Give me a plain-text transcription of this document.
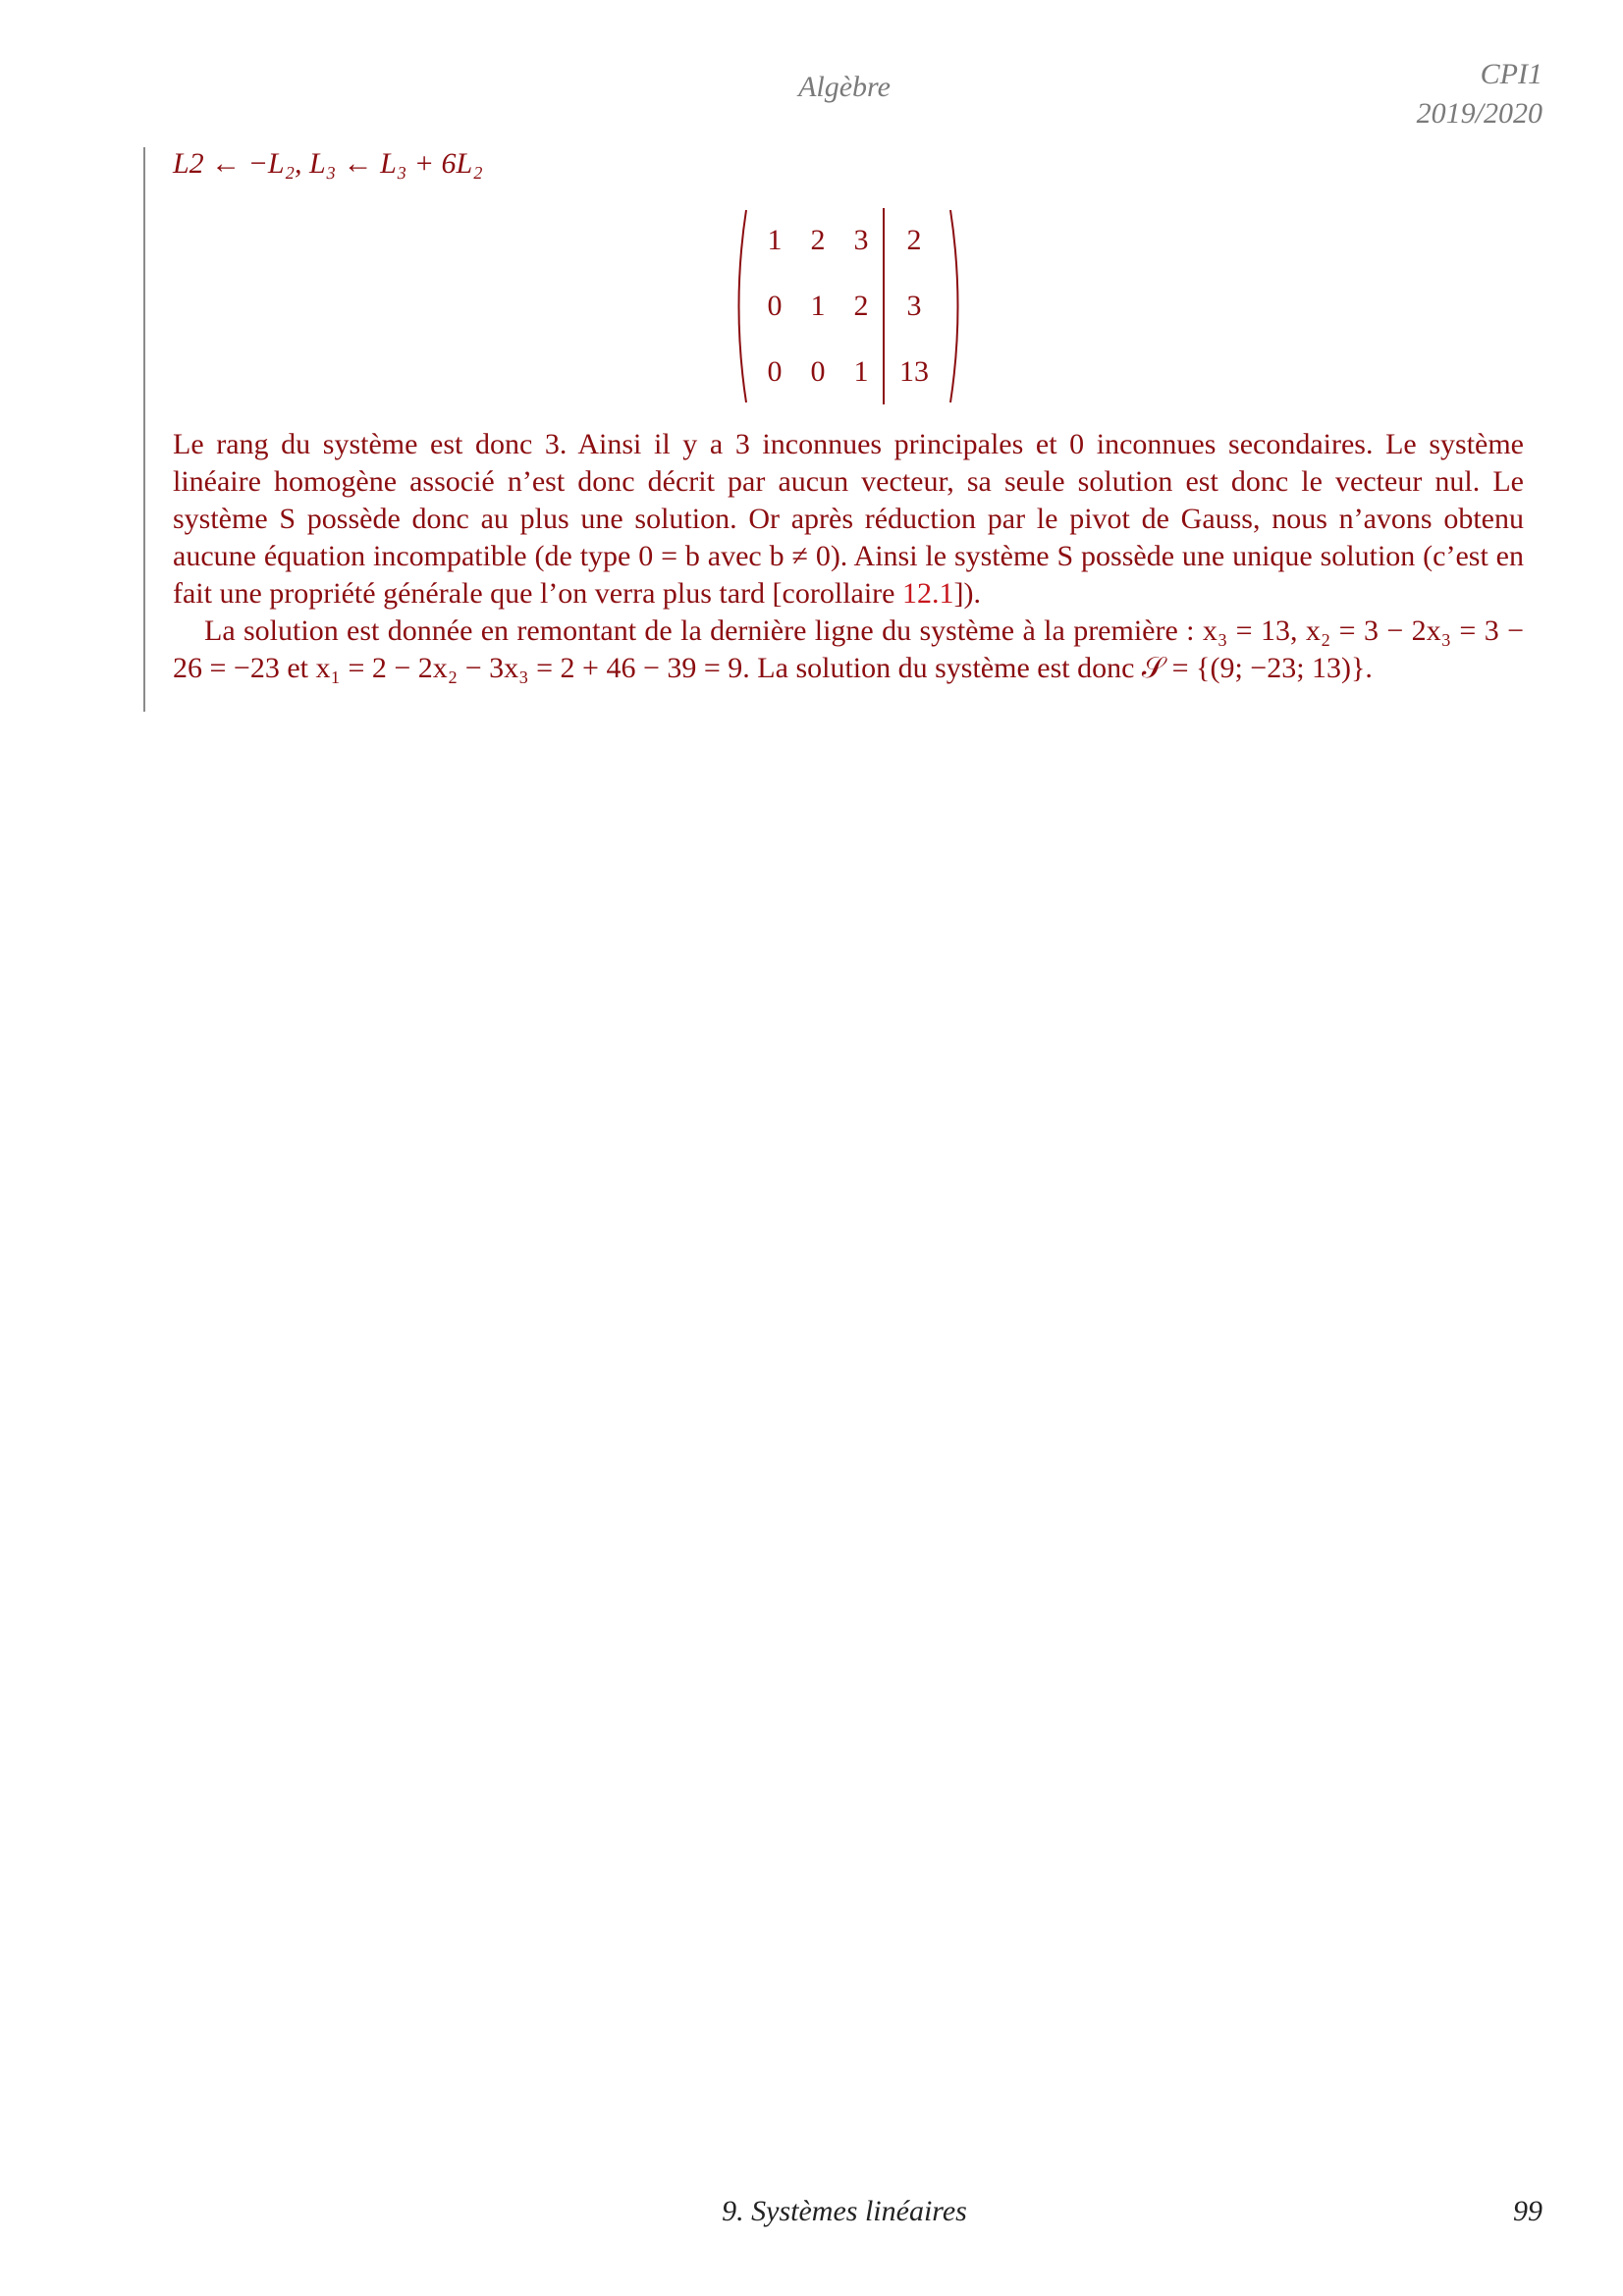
Algèbre	CPI1
2019/2020

L2 ← −L₂, L₃ ← L₃ + 6L₂

1 2 3	2
0 1 2	3
0 0 1	13

Le rang du système est donc 3. Ainsi il y a 3 inconnues principales et 0 inconnues secondaires. Le système linéaire homogène associé n’est donc décrit par aucun vecteur, sa seule solution est donc le vecteur nul. Le système S possède donc au plus une solution. Or après réduction par le pivot de Gauss, nous n’avons obtenu aucune équation incompatible (de type 0 = b avec b ≠ 0). Ainsi le système S possède une unique solution (c’est en fait une propriété générale que l’on verra plus tard [corollaire 12.1]).

La solution est donnée en remontant de la dernière ligne du système à la première : x₃ = 13, x₂ = 3 − 2x₃ = 3 − 26 = −23 et x₁ = 2 − 2x₂ − 3x₃ = 2 + 46 − 39 = 9. La solution du système est donc 𝒮 = {(9; −23; 13)}.

9. Systèmes linéaires	99
